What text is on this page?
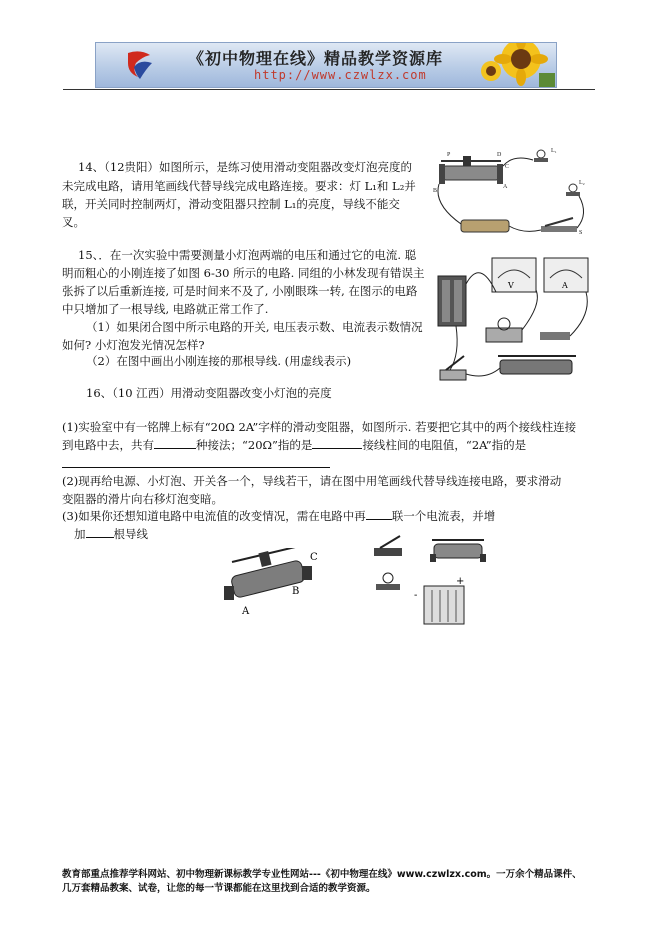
《初中物理在线》精品教学资源库
http://www.czwlzx.com
14、（12贵阳）如图所示，是练习使用滑动变阻器改变灯泡亮度的
未完成电路，请用笔画线代替导线完成电路连接。要求：灯 L₁和 L₂并
联，开关同时控制两灯，滑动变阻器只控制 L₁的亮度，导线不能交
叉。
P	D
C
B
A
L₁
L₂
S
15、．在一次实验中需要测量小灯泡两端的电压和通过它的电流. 聪
明而粗心的小刚连接了如图 6-30 所示的电路. 同组的小林发现有错误主
张拆了以后重新连接, 可是时间来不及了, 小刚眼珠一转, 在图示的电路
中只增加了一根导线, 电路就正常工作了.
（1）如果闭合图中所示电路的开关, 电压表示数、电流表示数情况
如何? 小灯泡发光情况怎样?
（2）在图中画出小刚连接的那根导线. (用虚线表示)
V	A
16、（10 江西）用滑动变阻器改变小灯泡的亮度
(1)实验室中有一铭牌上标有“20Ω 2A”字样的滑动变阻器，如图所示. 若要把它其中的两个接线柱连接
到电路中去，共有	种接法；“20Ω”指的是	接线柱间的电阻值，“2A”指的是
(2)现再给电源、小灯泡、开关各一个，导线若干，请在图中用笔画线代替导线连接电路，要求滑动
变阻器的滑片向右移灯泡变暗。
(3)如果你还想知道电路中电流值的改变情况，需在电路中再 联一个电流表，并增
加 根导线
C
B
A
+
-
教育部重点推荐学科网站、初中物理新课标教学专业性网站---《初中物理在线》www.czwlzx.com。一万余个精品课件、
几万套精品教案、试卷，让您的每一节课都能在这里找到合适的教学资源。
